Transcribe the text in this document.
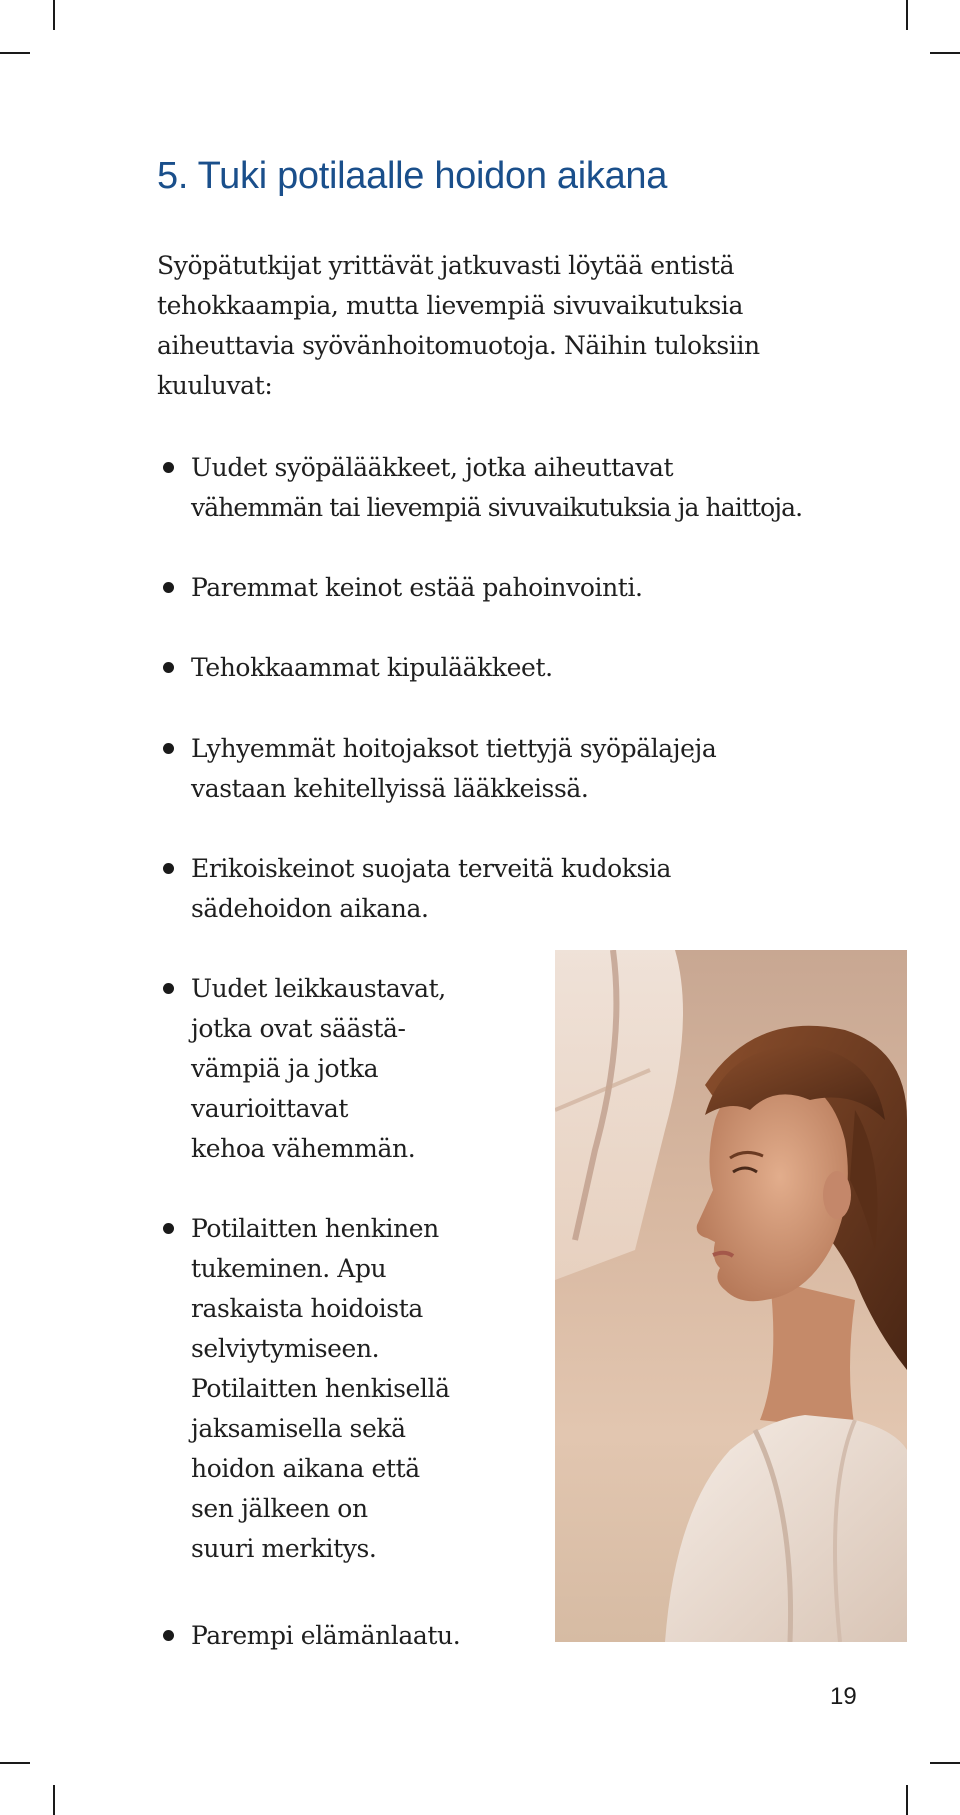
5. Tuki potilaalle hoidon aikana

Syöpätutkijat yrittävät jatkuvasti löytää entistä
tehokkaampia, mutta lievempiä sivuvaikutuksia
aiheuttavia syövänhoitomuotoja. Näihin tuloksiin
kuuluvat:

Uudet syöpälääkkeet, jotka aiheuttavat
vähemmän tai lievempiä sivuvaikutuksia ja haittoja.
Paremmat keinot estää pahoinvointi.
Tehokkaammat kipulääkkeet.
Lyhyemmät hoitojaksot tiettyjä syöpälajeja
vastaan kehitellyissä lääkkeissä.
Erikoiskeinot suojata terveitä kudoksia
sädehoidon aikana.
Uudet leikkaustavat,
jotka ovat säästä-
vämpiä ja jotka
vaurioittavat
kehoa vähemmän.
Potilaitten henkinen
tukeminen. Apu
raskaista hoidoista
selviytymiseen.
Potilaitten henkisellä
jaksamisella sekä
hoidon aikana että
sen jälkeen on
suuri merkitys.
Parempi elämänlaatu.
19
